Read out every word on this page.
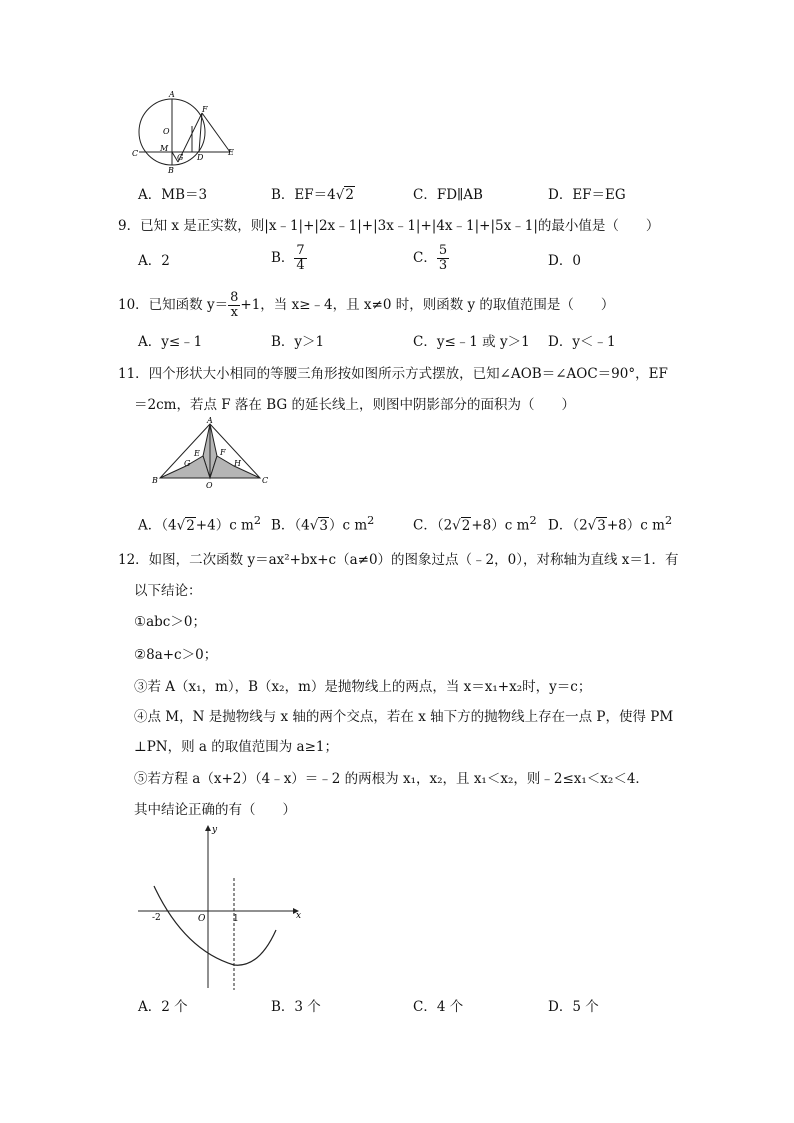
A
O
F
C
M
G D
E
B
A．MB＝3	B．EF＝4√2	C．FD∥AB	D．EF＝EG
9．已知 x 是正实数，则|x﹣1|+|2x﹣1|+|3x﹣1|+|4x﹣1|+|5x﹣1|的最小值是（　　）
A．2	B． $\frac{7}{4}$	C． $\frac{5}{3}$	D．0
10．已知函数 $y= \frac{8}{x} +1$，当 x≥﹣4，且 x≠0 时，则函数 y 的取值范围是（　　）
A．y≤﹣1	B．y＞1	C．y≤﹣1 或 y＞1 D．y＜﹣1
11．四个形状大小相同的等腰三角形按如图所示方式摆放，已知∠AOB＝∠AOC＝90°，EF
＝2cm，若点 F 落在 BG 的延长线上，则图中阴影部分的面积为（　　）
A
E	F
G	H
B
O
C
A．（4√2+4）c $m^2$ B．（4√3）c $m^2$	C．（2√2+8）c $m^2$ D．（2√3+8）c $m^2$
12．如图，二次函数 y＝ax²+bx+c（a≠0）的图象过点（﹣2，0），对称轴为直线 x＝1．有
以下结论：
①abc＞0；
②8a+c＞0；
③若 A（x₁，m），B（x₂，m）是抛物线上的两点，当 x＝x₁+x₂时，y＝c；
④点 M，N 是抛物线与 x 轴的两个交点，若在 x 轴下方的抛物线上存在一点 P，使得 PM
⊥PN，则 a 的取值范围为 a≥1；
⑤若方程 a（x+2）（4﹣x）＝﹣2 的两根为 x₁，x₂，且 x₁＜x₂，则﹣2≤x₁＜x₂＜4．
其中结论正确的有（　　）
y
x
-2	O	1
A．2 个	B．3 个	C．4 个	D．5 个
